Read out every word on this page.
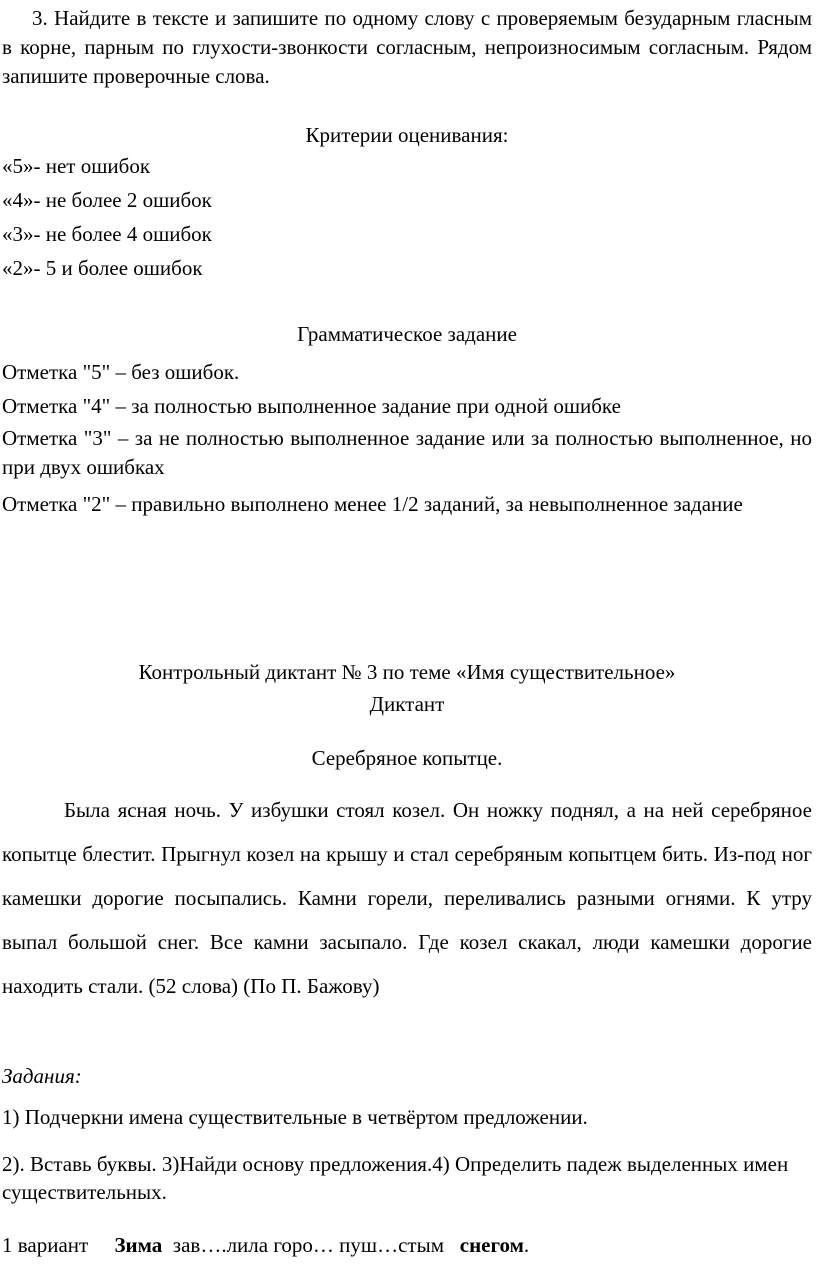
3. Найдите в тексте и запишите по одному слову с проверяемым безударным гласным в корне, парным по глухости-звонкости согласным, непроизносимым согласным. Рядом запишите проверочные слова.

Критерии оценивания:

«5»- нет ошибок

«4»- не более 2 ошибок

«3»- не более 4 ошибок

«2»- 5 и более ошибок

Грамматическое задание

Отметка "5" – без ошибок.

Отметка "4" – за полностью выполненное задание при одной ошибке

Отметка "3" – за не полностью выполненное задание или за полностью выполненное, но при двух ошибках

Отметка "2" – правильно выполнено менее 1/2 заданий, за невыполненное задание

Контрольный диктант № 3 по теме «Имя существительное»

Диктант

Серебряное копытце.

Была ясная ночь. У избушки стоял козел. Он ножку поднял, а на ней серебряное копытце блестит. Прыгнул козел на крышу и стал серебряным копытцем бить. Из-под ног камешки дорогие посыпались. Камни горели, переливались разными огнями. К утру выпал большой снег. Все камни засыпало. Где козел скакал, люди камешки дорогие находить стали. (52 слова) (По П. Бажову)

Задания:

1) Подчеркни имена существительные в четвёртом предложении.

2). Вставь буквы. 3)Найди основу предложения.4) Определить падеж выделенных имен существительных.

1 вариант Зима зав….лила горо… пуш…стым снегом.
